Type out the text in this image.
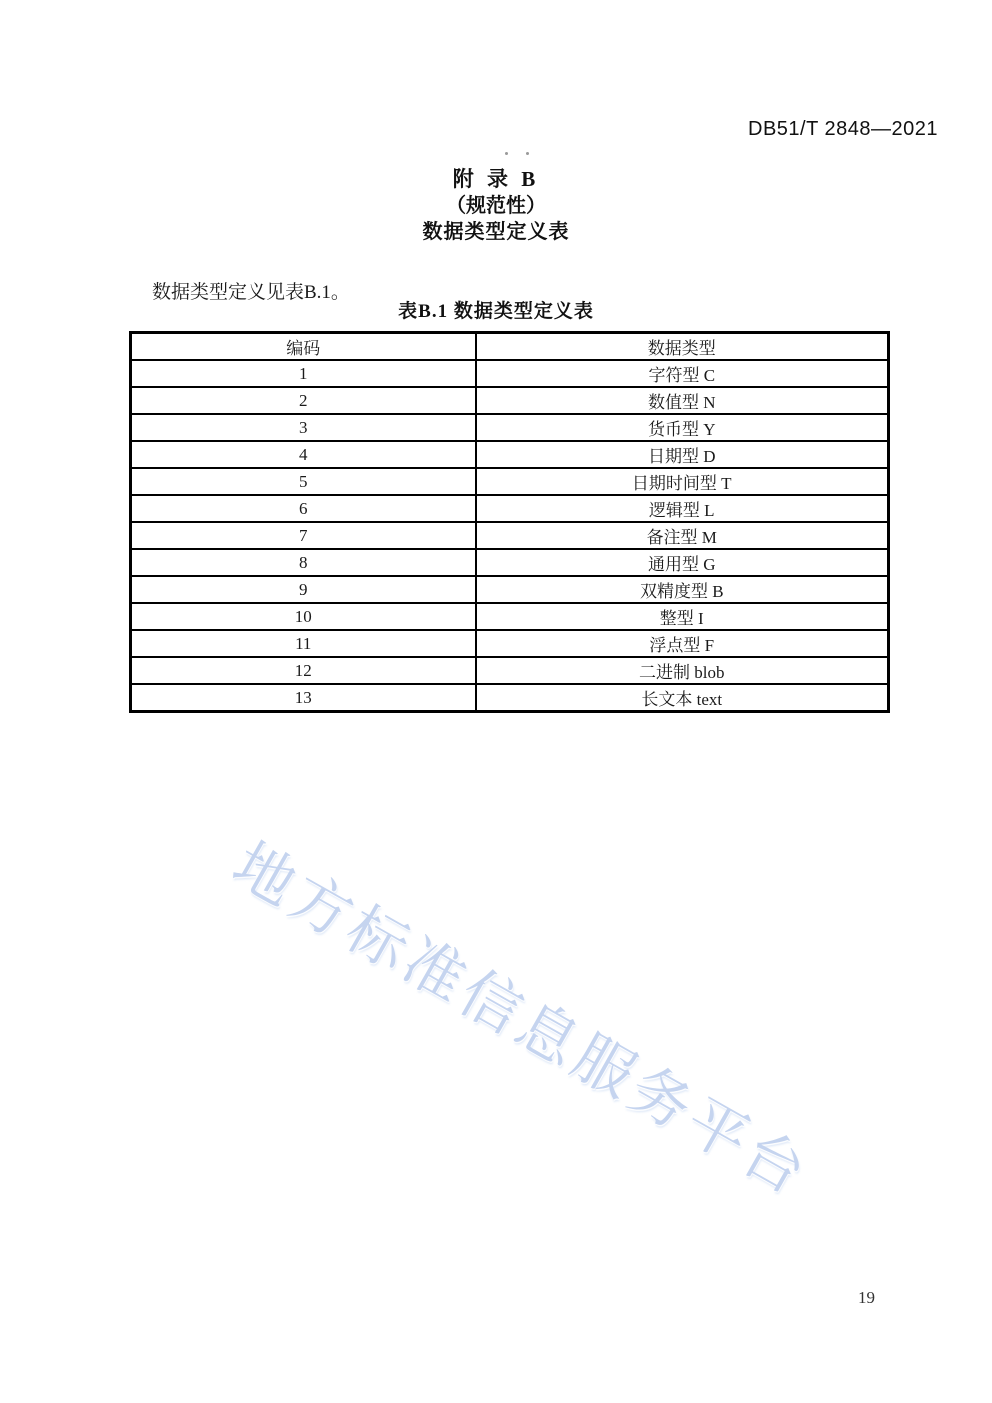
DB51/T 2848—2021
附 录 B
（规范性）
数据类型定义表

数据类型定义见表B.1。

表B.1 数据类型定义表
编码	数据类型
1	字符型 C
2	数值型 N
3	货币型 Y
4	日期型 D
5	日期时间型 T
6	逻辑型 L
7	备注型 M
8	通用型 G
9	双精度型 B
10	整型 I
11	浮点型 F
12	二进制 blob
13	长文本 text
地方标准信息服务平台
19
